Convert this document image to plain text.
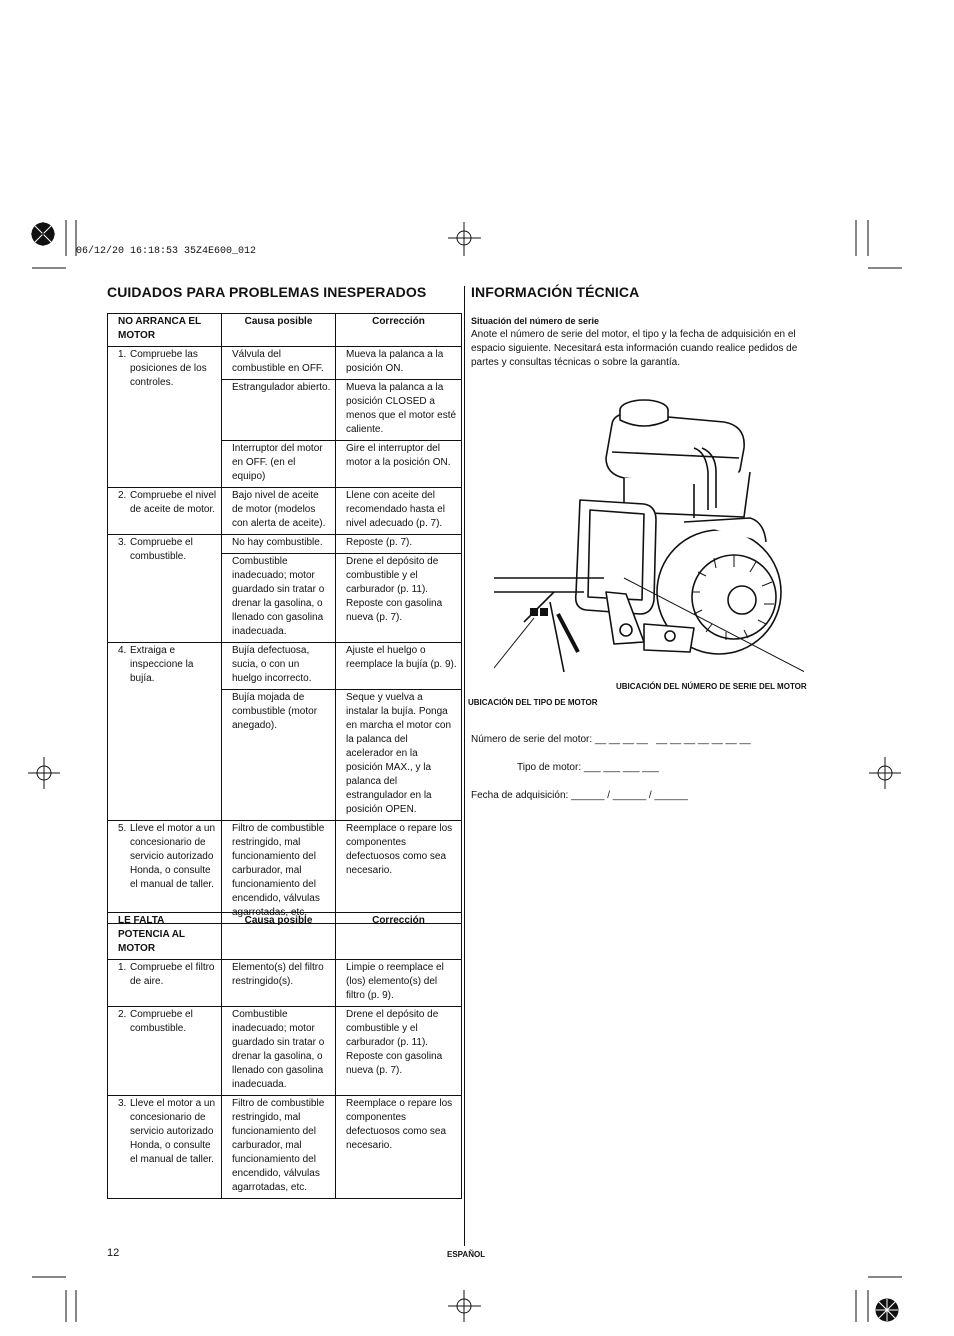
06/12/20 16:18:53 35Z4E600_012
CUIDADOS PARA PROBLEMAS INESPERADOS
NO ARRANCA EL MOTOR	Causa posible	Corrección

1. Compruebe las posiciones de los controles.	Válvula del combustible en OFF.	Mueva la palanca a la posición ON.
	Estrangulador abierto.	Mueva la palanca a la posición CLOSED a menos que el motor esté caliente.
	Interruptor del motor en OFF. (en el equipo)	Gire el interruptor del motor a la posición ON.

2. Compruebe el nivel de aceite de motor.	Bajo nivel de aceite de motor (modelos con alerta de aceite).	Llene con aceite del recomendado hasta el nivel adecuado (p. 7).

3. Compruebe el combustible.	No hay combustible.	Reposte (p. 7).
	Combustible inadecuado; motor guardado sin tratar o drenar la gasolina, o llenado con gasolina inadecuada.	Drene el depósito de combustible y el carburador (p. 11). Reposte con gasolina nueva (p. 7).

4. Extraiga e inspeccione la bujía.	Bujía defectuosa, sucia, o con un huelgo incorrecto.	Ajuste el huelgo o reemplace la bujía (p. 9).
	Bujía mojada de combustible (motor anegado).	Seque y vuelva a instalar la bujía. Ponga en marcha el motor con la palanca del acelerador en la posición MAX., y la palanca del estrangulador en la posición OPEN.

5. Lleve el motor a un concesionario de servicio autorizado Honda, o consulte el manual de taller.	Filtro de combustible restringido, mal funcionamiento del carburador, mal funcionamiento del encendido, válvulas agarrotadas, etc.	Reemplace o repare los componentes defectuosos como sea necesario.
LE FALTA POTENCIA AL MOTOR	Causa posible	Corrección

1. Compruebe el filtro de aire.	Elemento(s) del filtro restringido(s).	Limpie o reemplace el (los) elemento(s) del filtro (p. 9).

2. Compruebe el combustible.	Combustible inadecuado; motor guardado sin tratar o drenar la gasolina, o llenado con gasolina inadecuada.	Drene el depósito de combustible y el carburador (p. 11). Reposte con gasolina nueva (p. 7).

3. Lleve el motor a un concesionario de servicio autorizado Honda, o consulte el manual de taller.	Filtro de combustible restringido, mal funcionamiento del carburador, mal funcionamiento del encendido, válvulas agarrotadas, etc.	Reemplace o repare los componentes defectuosos como sea necesario.
12	ESPAÑOL
INFORMACIÓN TÉCNICA
Situación del número de serie
Anote el número de serie del motor, el tipo y la fecha de adquisición en el espacio siguiente. Necesitará esta información cuando realice pedidos de partes y consultas técnicas o sobre la garantía.
UBICACIÓN DEL NÚMERO DE SERIE DEL MOTOR
UBICACIÓN DEL TIPO DE MOTOR
Número de serie del motor: __ __ __ __   __ __ __ __ __ __ __
Tipo de motor: ___ ___ ___ ___
Fecha de adquisición: ______ / ______ / ______
